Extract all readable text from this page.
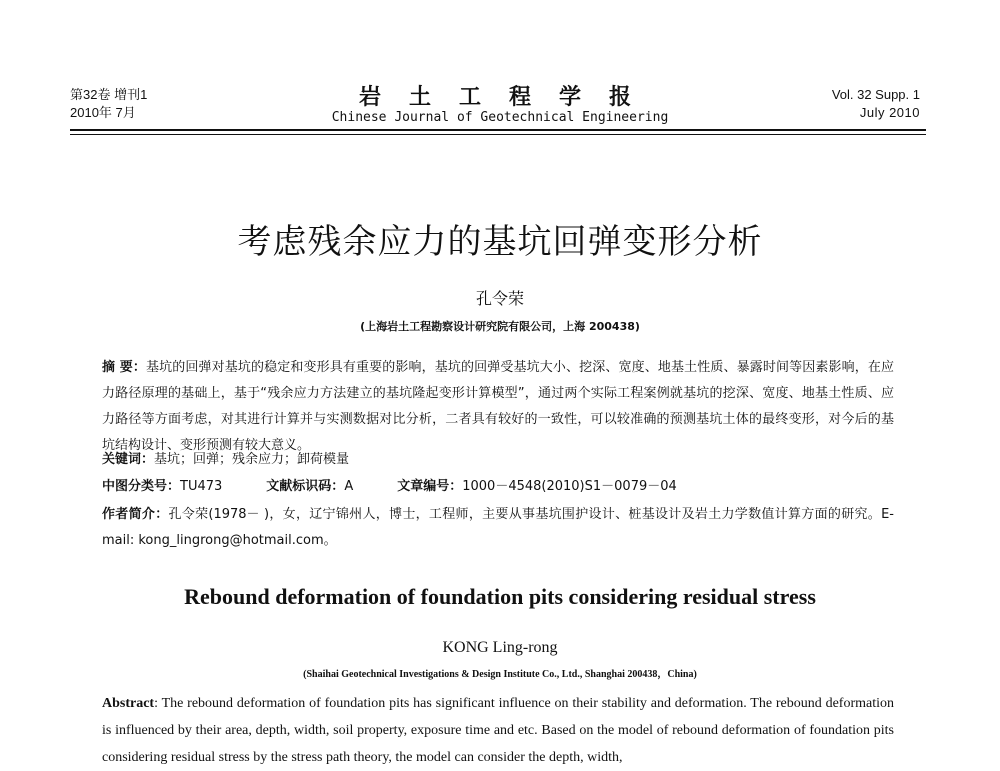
第32卷 增刊1
2010年 7月
岩土工程学报
Chinese Journal of Geotechnical Engineering
Vol. 32 Supp. 1
July 2010
考虑残余应力的基坑回弹变形分析
孔令荣
(上海岩土工程勘察设计研究院有限公司，上海 200438)
摘 要：基坑的回弹对基坑的稳定和变形具有重要的影响，基坑的回弹受基坑大小、挖深、宽度、地基土性质、暴露时间等因素影响，在应力路径原理的基础上，基于“残余应力方法建立的基坑隆起变形计算模型”，通过两个实际工程案例就基坑的挖深、宽度、地基土性质、应力路径等方面考虑，对其进行计算并与实测数据对比分析，二者具有较好的一致性，可以较准确的预测基坑土体的最终变形，对今后的基坑结构设计、变形预测有较大意义。
关键词：基坑；回弹；残余应力；卸荷模量
中图分类号：TU473	文献标识码：A	文章编号：1000－4548(2010)S1－0079－04
作者简介：孔令荣(1978－ )，女，辽宁锦州人，博士，工程师，主要从事基坑围护设计、桩基设计及岩土力学数值计算方面的研究。E-mail: kong_lingrong@hotmail.com。
Rebound deformation of foundation pits considering residual stress
KONG Ling-rong
(Shaihai Geotechnical Investigations & Design Institute Co., Ltd., Shanghai 200438，China)
Abstract: The rebound deformation of foundation pits has significant influence on their stability and deformation. The rebound deformation is influenced by their area, depth, width, soil property, exposure time and etc. Based on the model of rebound deformation of foundation pits considering residual stress by the stress path theory, the model can consider the depth, width,
